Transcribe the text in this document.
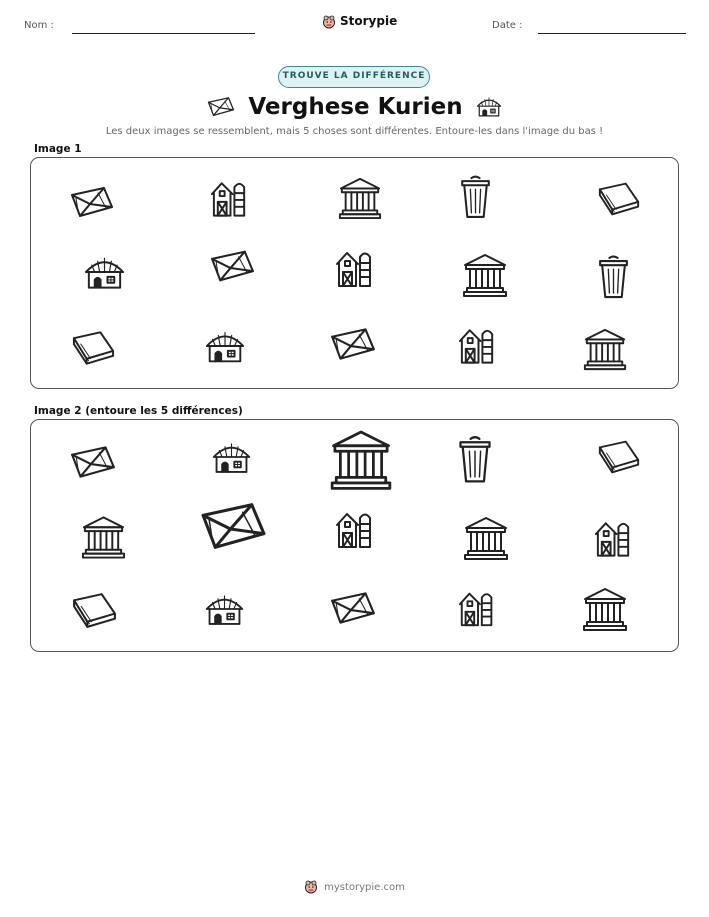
Nom :	Storypie	Date :
TROUVE LA DIFFÉRENCE
Verghese Kurien
Les deux images se ressemblent, mais 5 choses sont différentes. Entoure-les dans l'image du bas !
Image 1
Image 2 (entoure les 5 différences)
mystorypie.com
